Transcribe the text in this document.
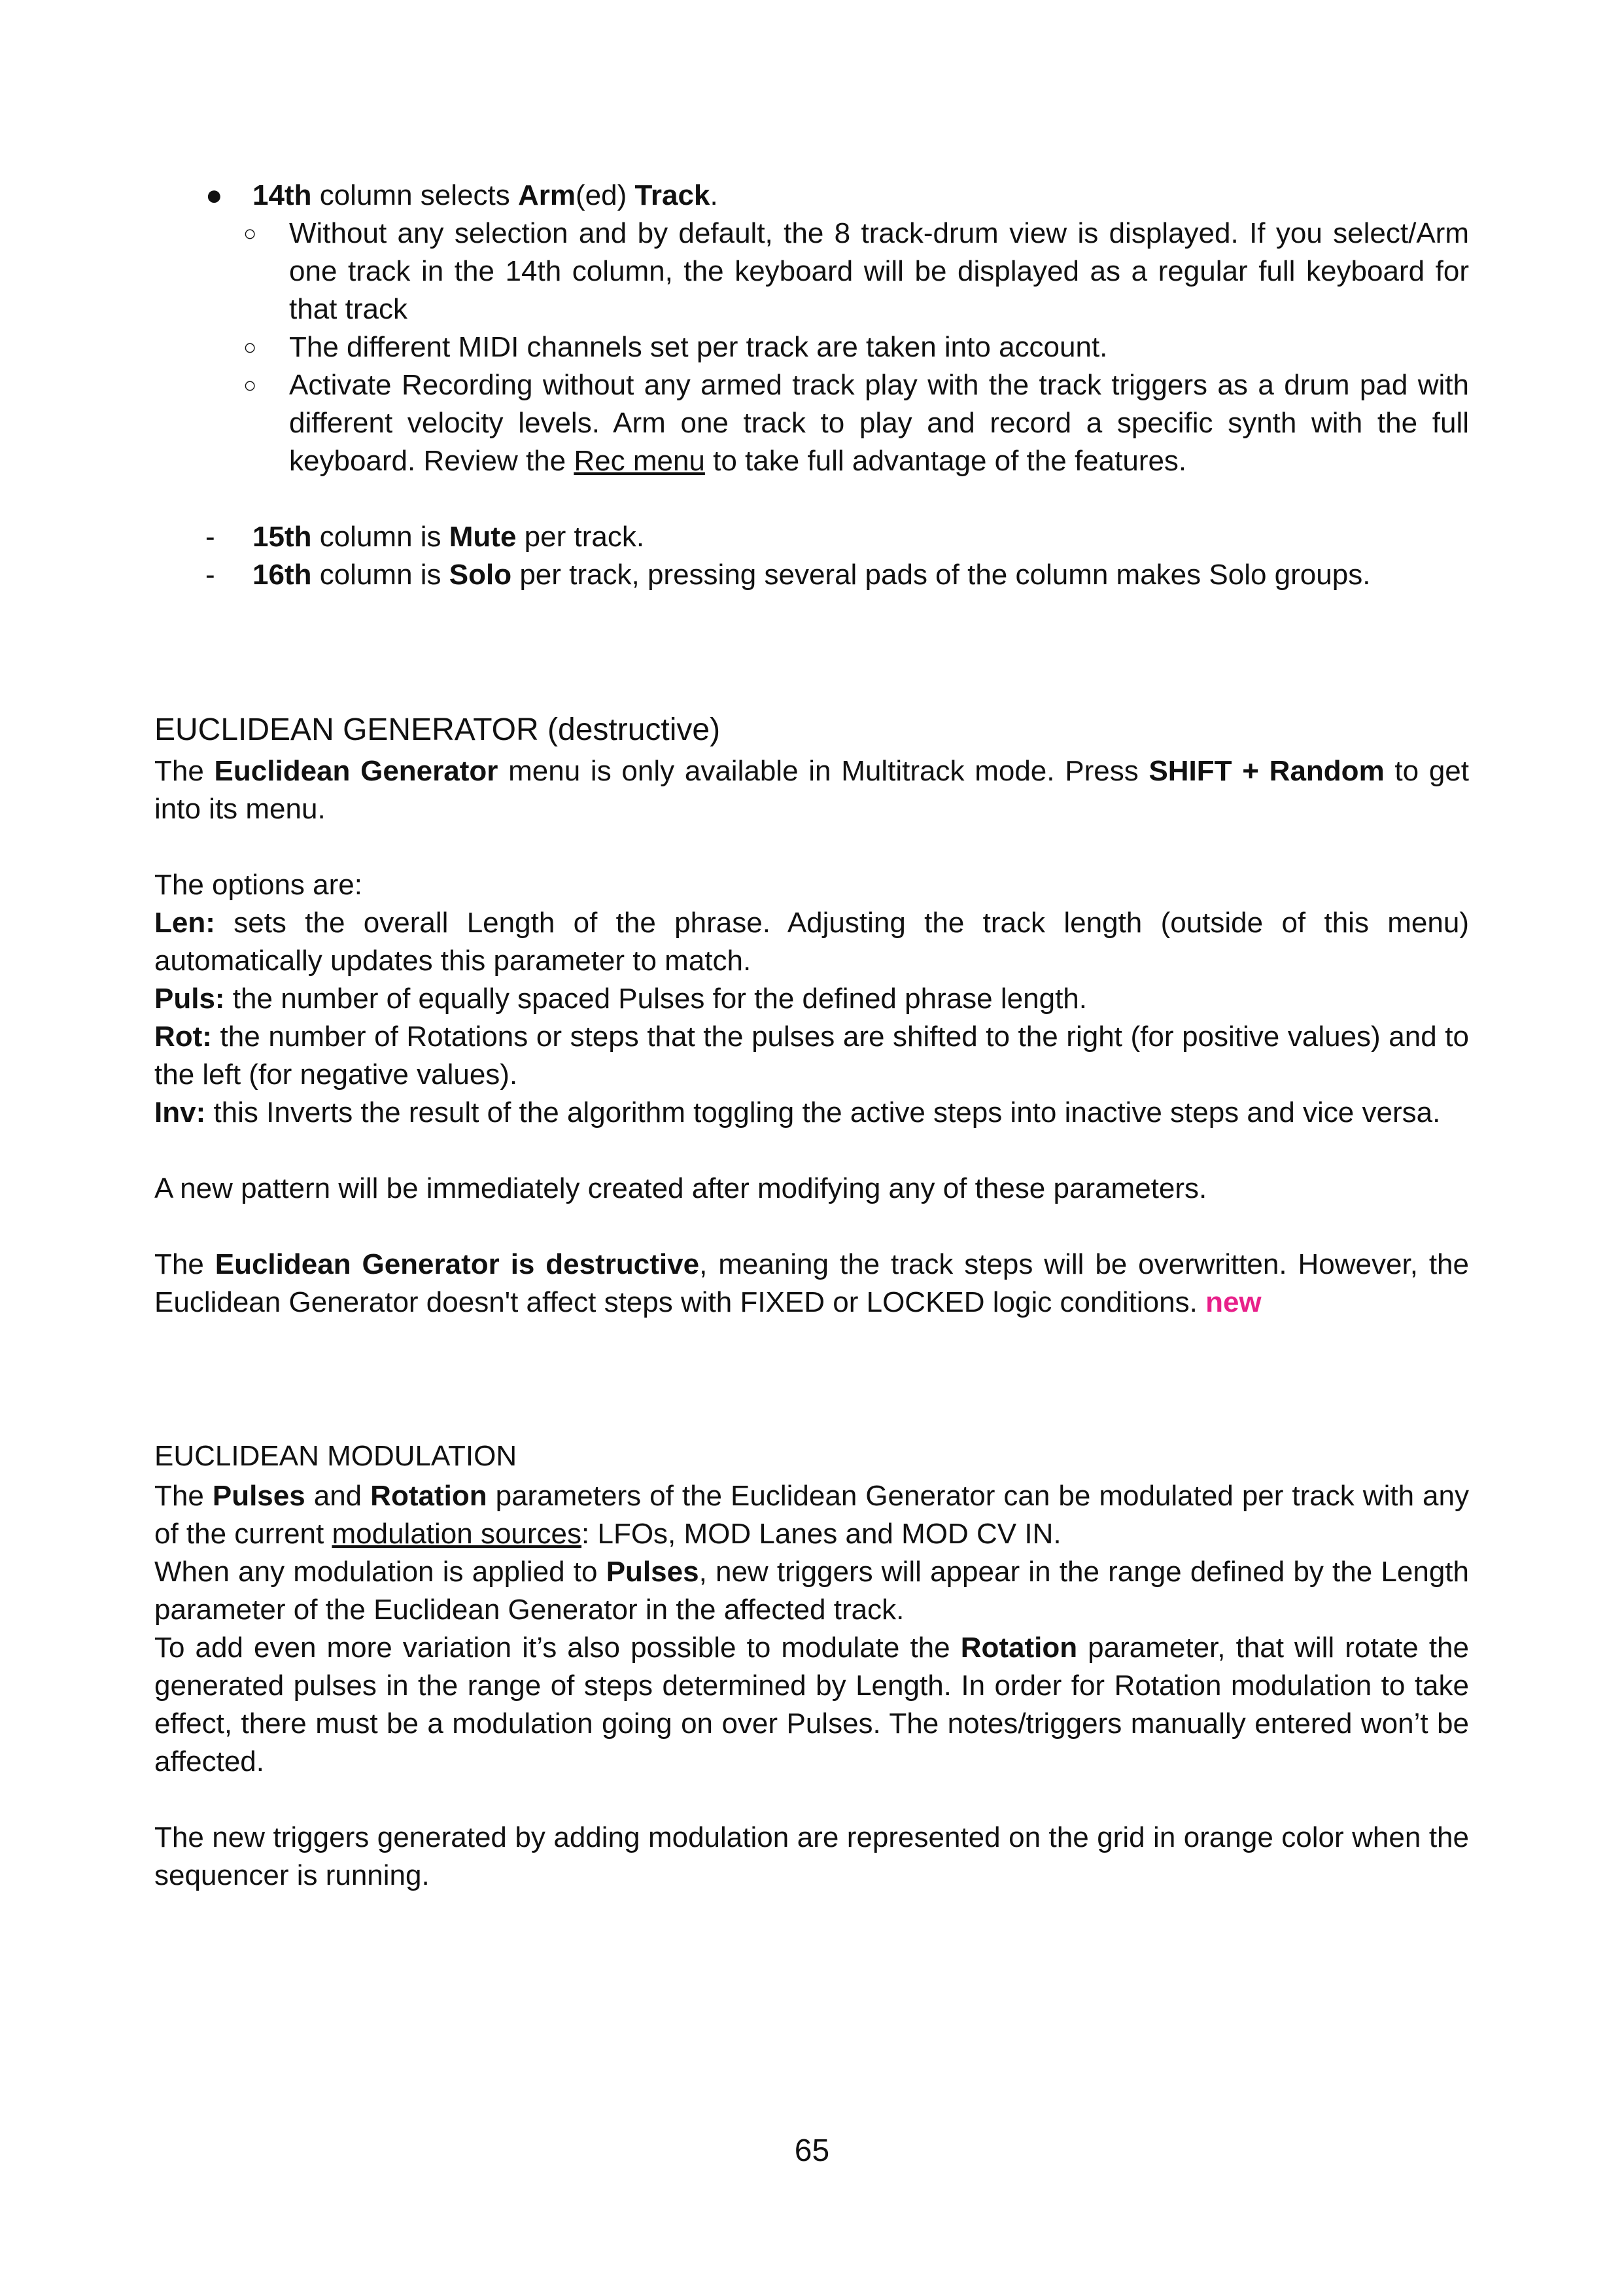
● 14th column selects Arm(ed) Track.

○ Without any selection and by default, the 8 track-drum view is displayed. If you select/Arm one track in the 14th column, the keyboard will be displayed as a regular full keyboard for that track

○ The different MIDI channels set per track are taken into account.

○ Activate Recording without any armed track play with the track triggers as a drum pad with different velocity levels. Arm one track to play and record a specific synth with the full keyboard. Review the Rec menu to take full advantage of the features.

- 15th column is Mute per track.

- 16th column is Solo per track, pressing several pads of the column makes Solo groups.

EUCLIDEAN GENERATOR (destructive)

The Euclidean Generator menu is only available in Multitrack mode. Press SHIFT + Random to get into its menu.

The options are:

Len: sets the overall Length of the phrase. Adjusting the track length (outside of this menu) automatically updates this parameter to match.

Puls: the number of equally spaced Pulses for the defined phrase length.

Rot: the number of Rotations or steps that the pulses are shifted to the right (for positive values) and to the left (for negative values).

Inv: this Inverts the result of the algorithm toggling the active steps into inactive steps and vice versa.

A new pattern will be immediately created after modifying any of these parameters.

The Euclidean Generator is destructive, meaning the track steps will be overwritten. However, the Euclidean Generator doesn't affect steps with FIXED or LOCKED logic conditions. new

EUCLIDEAN MODULATION

The Pulses and Rotation parameters of the Euclidean Generator can be modulated per track with any of the current modulation sources: LFOs, MOD Lanes and MOD CV IN.

When any modulation is applied to Pulses, new triggers will appear in the range defined by the Length parameter of the Euclidean Generator in the affected track.

To add even more variation it’s also possible to modulate the Rotation parameter, that will rotate the generated pulses in the range of steps determined by Length. In order for Rotation modulation to take effect, there must be a modulation going on over Pulses. The notes/triggers manually entered won’t be affected.

The new triggers generated by adding modulation are represented on the grid in orange color when the sequencer is running.

65
